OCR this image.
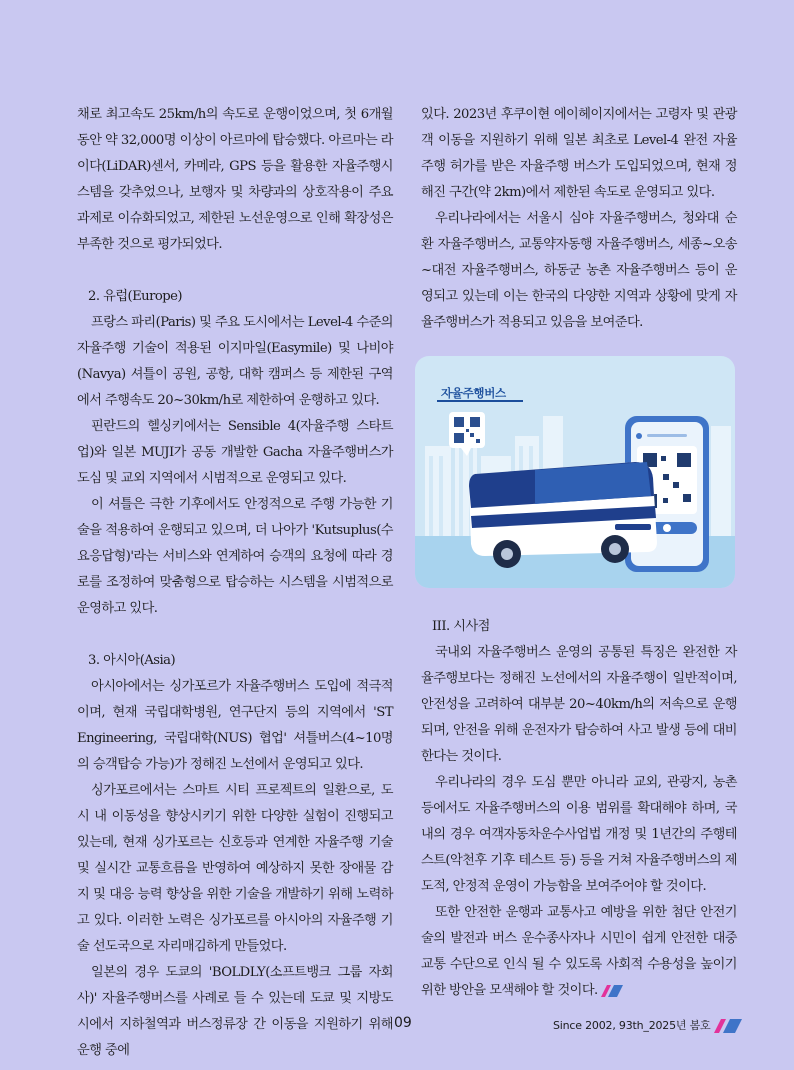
채로 최고속도 25km/h의 속도로 운행이었으며, 첫 6개월 동안 약 32,000명 이상이 아르마에 탑승했다. 아르마는 라이다(LiDAR)센서, 카메라, GPS 등을 활용한 자율주행시스템을 갖추었으나, 보행자 및 차량과의 상호작용이 주요 과제로 이슈화되었고, 제한된 노선운영으로 인해 확장성은 부족한 것으로 평가되었다.

2. 유럽(Europe)

프랑스 파리(Paris) 및 주요 도시에서는 Level-4 수준의 자율주행 기술이 적용된 이지마일(Easymile) 및 나비야(Navya) 셔틀이 공원, 공항, 대학 캠퍼스 등 제한된 구역에서 주행속도 20~30km/h로 제한하여 운행하고 있다.

핀란드의 헬싱키에서는 Sensible 4(자율주행 스타트업)와 일본 MUJI가 공동 개발한 Gacha 자율주행버스가 도심 및 교외 지역에서 시범적으로 운영되고 있다.

이 셔틀은 극한 기후에서도 안정적으로 주행 가능한 기술을 적용하여 운행되고 있으며, 더 나아가 'Kutsuplus(수요응답형)'라는 서비스와 연계하여 승객의 요청에 따라 경로를 조정하여 맞춤형으로 탑승하는 시스템을 시범적으로 운영하고 있다.

3. 아시아(Asia)

아시아에서는 싱가포르가 자율주행버스 도입에 적극적이며, 현재 국립대학병원, 연구단지 등의 지역에서 'ST Engineering, 국립대학(NUS) 협업' 셔틀버스(4~10명의 승객탑승 가능)가 정해진 노선에서 운영되고 있다.

싱가포르에서는 스마트 시티 프로젝트의 일환으로, 도시 내 이동성을 향상시키기 위한 다양한 실험이 진행되고 있는데, 현재 싱가포르는 신호등과 연계한 자율주행 기술 및 실시간 교통흐름을 반영하여 예상하지 못한 장애물 감지 및 대응 능력 향상을 위한 기술을 개발하기 위해 노력하고 있다. 이러한 노력은 싱가포르를 아시아의 자율주행 기술 선도국으로 자리매김하게 만들었다.

일본의 경우 도쿄의 'BOLDLY(소프트뱅크 그룹 자회사)' 자율주행버스를 사례로 들 수 있는데 도쿄 및 지방도시에서 지하철역과 버스정류장 간 이동을 지원하기 위해 운행 중에

있다. 2023년 후쿠이현 에이헤이지에서는 고령자 및 관광객 이동을 지원하기 위해 일본 최초로 Level-4 완전 자율주행 허가를 받은 자율주행 버스가 도입되었으며, 현재 정해진 구간(약 2km)에서 제한된 속도로 운영되고 있다.

우리나라에서는 서울시 심야 자율주행버스, 청와대 순환 자율주행버스, 교통약자동행 자율주행버스, 세종~오송~대전 자율주행버스, 하동군 농촌 자율주행버스 등이 운영되고 있는데 이는 한국의 다양한 지역과 상황에 맞게 자율주행버스가 적용되고 있음을 보여준다.

자율주행버스

III. 시사점

국내외 자율주행버스 운영의 공통된 특징은 완전한 자율주행보다는 정해진 노선에서의 자율주행이 일반적이며, 안전성을 고려하여 대부분 20~40km/h의 저속으로 운행되며, 안전을 위해 운전자가 탑승하여 사고 발생 등에 대비한다는 것이다.

우리나라의 경우 도심 뿐만 아니라 교외, 관광지, 농촌 등에서도 자율주행버스의 이용 범위를 확대해야 하며, 국내의 경우 여객자동차운수사업법 개정 및 1년간의 주행테스트(악천후 기후 테스트 등) 등을 거쳐 자율주행버스의 제도적, 안정적 운영이 가능함을 보여주어야 할 것이다.

또한 안전한 운행과 교통사고 예방을 위한 첨단 안전기술의 발전과 버스 운수종사자나 시민이 쉽게 안전한 대중교통 수단으로 인식 될 수 있도록 사회적 수용성을 높이기 위한 방안을 모색해야 할 것이다.

09	Since 2002, 93th_2025년 봄호
